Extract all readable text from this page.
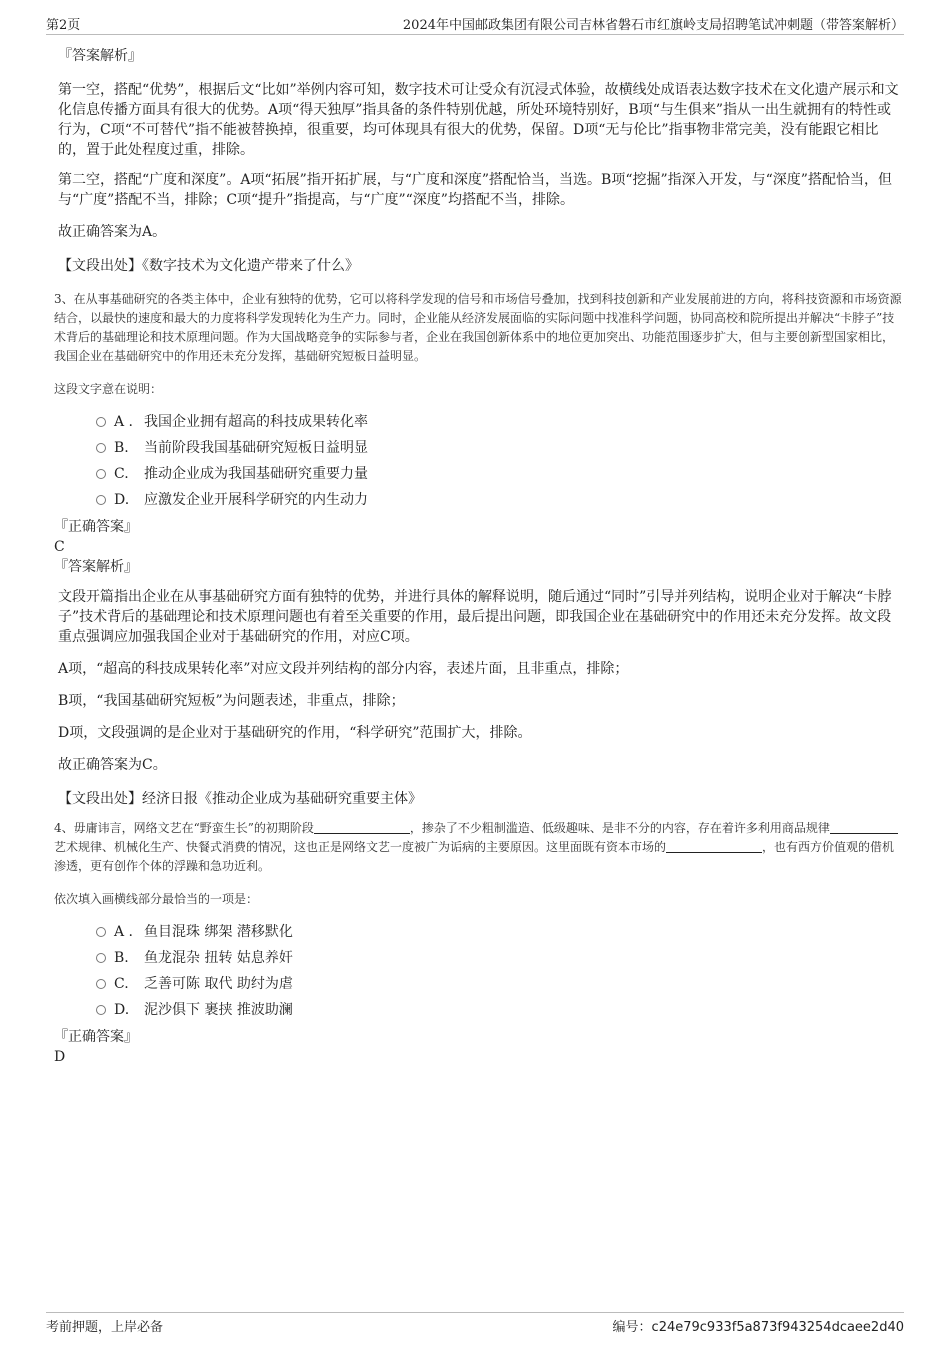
第2页	2024年中国邮政集团有限公司吉林省磐石市红旗岭支局招聘笔试冲刺题（带答案解析）
『答案解析』
第一空，搭配“优势”，根据后文“比如”举例内容可知，数字技术可让受众有沉浸式体验，故横线处成语表达数字技术在文化遗产展示和文化信息传播方面具有很大的优势。A项“得天独厚”指具备的条件特别优越，所处环境特别好，B项“与生俱来”指从一出生就拥有的特性或行为，C项“不可替代”指不能被替换掉，很重要，均可体现具有很大的优势，保留。D项“无与伦比”指事物非常完美，没有能跟它相比的，置于此处程度过重，排除。
第二空，搭配“广度和深度”。A项“拓展”指开拓扩展，与“广度和深度”搭配恰当，当选。B项“挖掘”指深入开发，与“深度”搭配恰当，但与“广度”搭配不当，排除；C项“提升”指提高，与“广度”“深度”均搭配不当，排除。
故正确答案为A。
【文段出处】《数字技术为文化遗产带来了什么》

3、在从事基础研究的各类主体中，企业有独特的优势，它可以将科学发现的信号和市场信号叠加，找到科技创新和产业发展前进的方向，将科技资源和市场资源结合，以最快的速度和最大的力度将科学发现转化为生产力。同时，企业能从经济发展面临的实际问题中找准科学问题，协同高校和院所提出并解决“卡脖子”技术背后的基础理论和技术原理问题。作为大国战略竞争的实际参与者，企业在我国创新体系中的地位更加突出、功能范围逐步扩大，但与主要创新型国家相比，我国企业在基础研究中的作用还未充分发挥，基础研究短板日益明显。

这段文字意在说明：

A . 我国企业拥有超高的科技成果转化率
B. 当前阶段我国基础研究短板日益明显
C. 推动企业成为我国基础研究重要力量
D. 应激发企业开展科学研究的内生动力
『正确答案』
C
『答案解析』
文段开篇指出企业在从事基础研究方面有独特的优势，并进行具体的解释说明，随后通过“同时”引导并列结构，说明企业对于解决“卡脖子”技术背后的基础理论和技术原理问题也有着至关重要的作用，最后提出问题，即我国企业在基础研究中的作用还未充分发挥。故文段重点强调应加强我国企业对于基础研究的作用，对应C项。
A项，“超高的科技成果转化率”对应文段并列结构的部分内容，表述片面，且非重点，排除；
B项，“我国基础研究短板”为问题表述，非重点，排除；
D项，文段强调的是企业对于基础研究的作用，“科学研究”范围扩大，排除。
故正确答案为C。
【文段出处】经济日报《推动企业成为基础研究重要主体》

4、毋庸讳言，网络文艺在“野蛮生长”的初期阶段	，掺杂了不少粗制滥造、低级趣味、是非不分的内容，存在着许多利用商品规律艺术规律、机械化生产、快餐式消费的情况，这也正是网络文艺一度被广为诟病的主要原因。这里面既有资本市场的	，也有西方价值观的借机渗透，更有创作个体的浮躁和急功近利。

依次填入画横线部分最恰当的一项是：

A . 鱼目混珠 绑架 潜移默化
B. 鱼龙混杂 扭转 姑息养奸
C. 乏善可陈 取代 助纣为虐
D. 泥沙俱下 裹挟 推波助澜
『正确答案』
D
考前押题，上岸必备	编号：c24e79c933f5a873f943254dcaee2d40
